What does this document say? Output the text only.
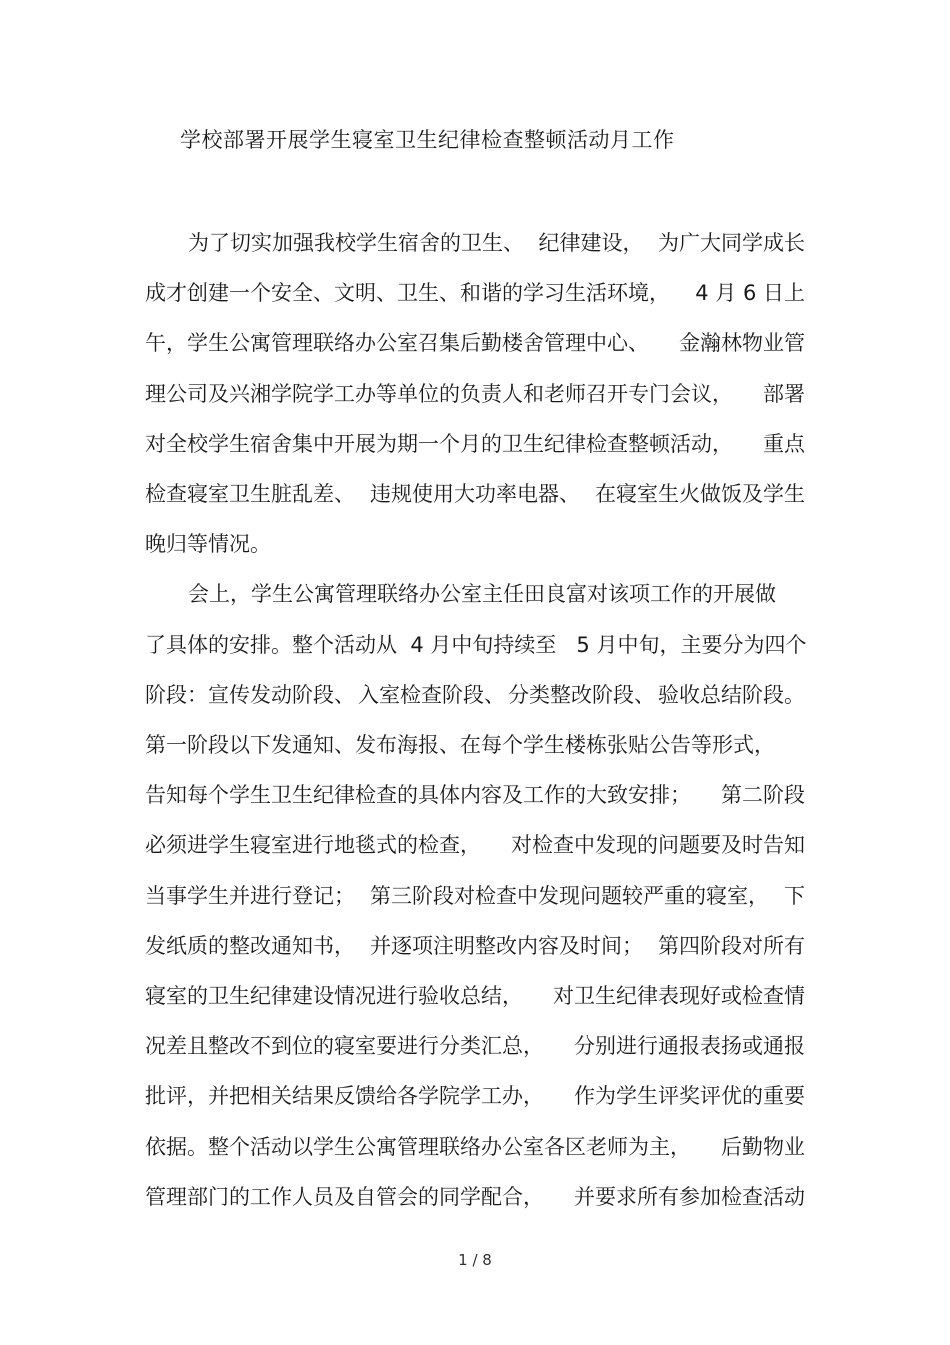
学校部署开展学生寝室卫生纪律检查整顿活动月工作
为了切实加强我校学生宿舍的卫生、 纪律建设， 为广大同学成长
成才创建一个安全、文明、卫生、和谐的学习生活环境， 4 月 6 日上
午，学生公寓管理联络办公室召集后勤楼舍管理中心、 金瀚林物业管
理公司及兴湘学院学工办等单位的负责人和老师召开专门会议， 部署
对全校学生宿舍集中开展为期一个月的卫生纪律检查整顿活动， 重点
检查寝室卫生脏乱差、 违规使用大功率电器、 在寝室生火做饭及学生
晚归等情况。
会上，学生公寓管理联络办公室主任田良富对该项工作的开展做
了具体的安排。 整个活动从  4 月中旬持续至   5 月中旬， 主要分为四个
阶段：宣传发动阶段、 入室检查阶段、 分类整改阶段、 验收总结阶段。
第一阶段以下发通知、发布海报、在每个学生楼栋张贴公告等形式，
告知每个学生卫生纪律检查的具体内容及工作的大致安排； 第二阶段
必须进学生寝室进行地毯式的检查， 对检查中发现的问题要及时告知
当事学生并进行登记； 第三阶段对检查中发现问题较严重的寝室， 下
发纸质的整改通知书， 并逐项注明整改内容及时间； 第四阶段对所有
寝室的卫生纪律建设情况进行验收总结， 对卫生纪律表现好或检查情
况差且整改不到位的寝室要进行分类汇总， 分别进行通报表扬或通报
批评，并把相关结果反馈给各学院学工办， 作为学生评奖评优的重要
依据。整个活动以学生公寓管理联络办公室各区老师为主， 后勤物业
管理部门的工作人员及自管会的同学配合， 并要求所有参加检查活动
1 / 8
